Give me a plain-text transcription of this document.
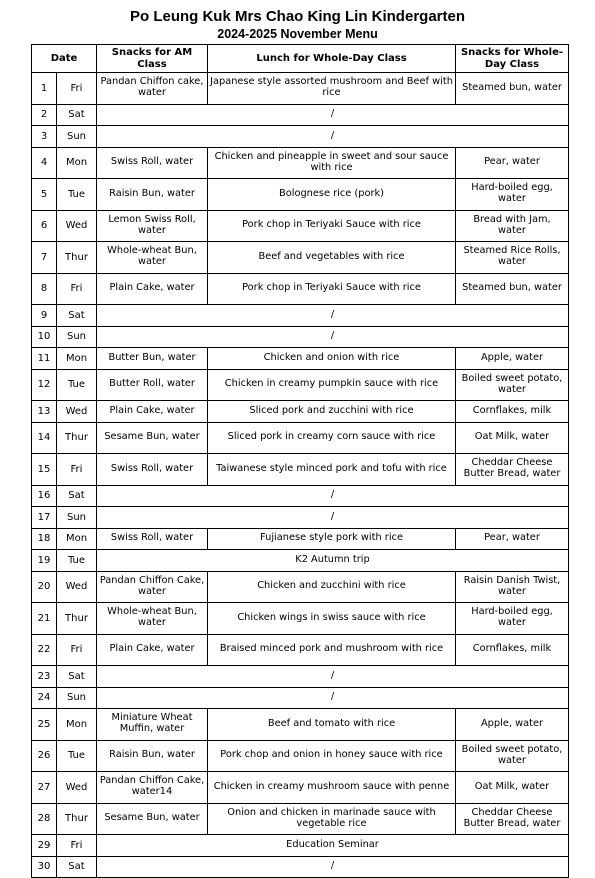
Po Leung Kuk Mrs Chao King Lin Kindergarten
2024-2025 November Menu
Date		Snacks for AM Class	Lunch for Whole-Day Class	Snacks for Whole-Day Class
1	Fri	Pandan Chiffon cake, water	Japanese style assorted mushroom and Beef with rice	Steamed bun, water
2	Sat	/		
3	Sun	/		
4	Mon	Swiss Roll, water	Chicken and pineapple in sweet and sour sauce with rice	Pear, water
5	Tue	Raisin Bun, water	Bolognese rice (pork)	Hard-boiled egg, water
6	Wed	Lemon Swiss Roll, water	Pork chop in Teriyaki Sauce with rice	Bread with Jam, water
7	Thur	Whole-wheat Bun, water	Beef and vegetables with rice	Steamed Rice Rolls, water
8	Fri	Plain Cake, water	Pork chop in Teriyaki Sauce with rice	Steamed bun, water
9	Sat	/		
10	Sun	/		
11	Mon	Butter Bun, water	Chicken and onion with rice	Apple, water
12	Tue	Butter Roll, water	Chicken in creamy pumpkin sauce with rice	Boiled sweet potato, water
13	Wed	Plain Cake, water	Sliced pork and zucchini with rice	Cornflakes, milk
14	Thur	Sesame Bun, water	Sliced pork in creamy corn sauce with rice	Oat Milk, water
15	Fri	Swiss Roll, water	Taiwanese style minced pork and tofu with rice	Cheddar Cheese Butter Bread, water
16	Sat	/		
17	Sun	/		
18	Mon	Swiss Roll, water	Fujianese style pork with rice	Pear, water
19	Tue	K2 Autumn trip		
20	Wed	Pandan Chiffon Cake, water	Chicken and zucchini with rice	Raisin Danish Twist, water
21	Thur	Whole-wheat Bun, water	Chicken wings in swiss sauce with rice	Hard-boiled egg, water
22	Fri	Plain Cake, water	Braised minced pork and mushroom with rice	Cornflakes, milk
23	Sat	/		
24	Sun	/		
25	Mon	Miniature Wheat Muffin, water	Beef and tomato with rice	Apple, water
26	Tue	Raisin Bun, water	Pork chop and onion in honey sauce with rice	Boiled sweet potato, water
27	Wed	Pandan Chiffon Cake, water14	Chicken in creamy mushroom sauce with penne	Oat Milk, water
28	Thur	Sesame Bun, water	Onion and chicken in marinade sauce with vegetable rice	Cheddar Cheese Butter Bread, water
29	Fri	Education Seminar		
30	Sat	/		
